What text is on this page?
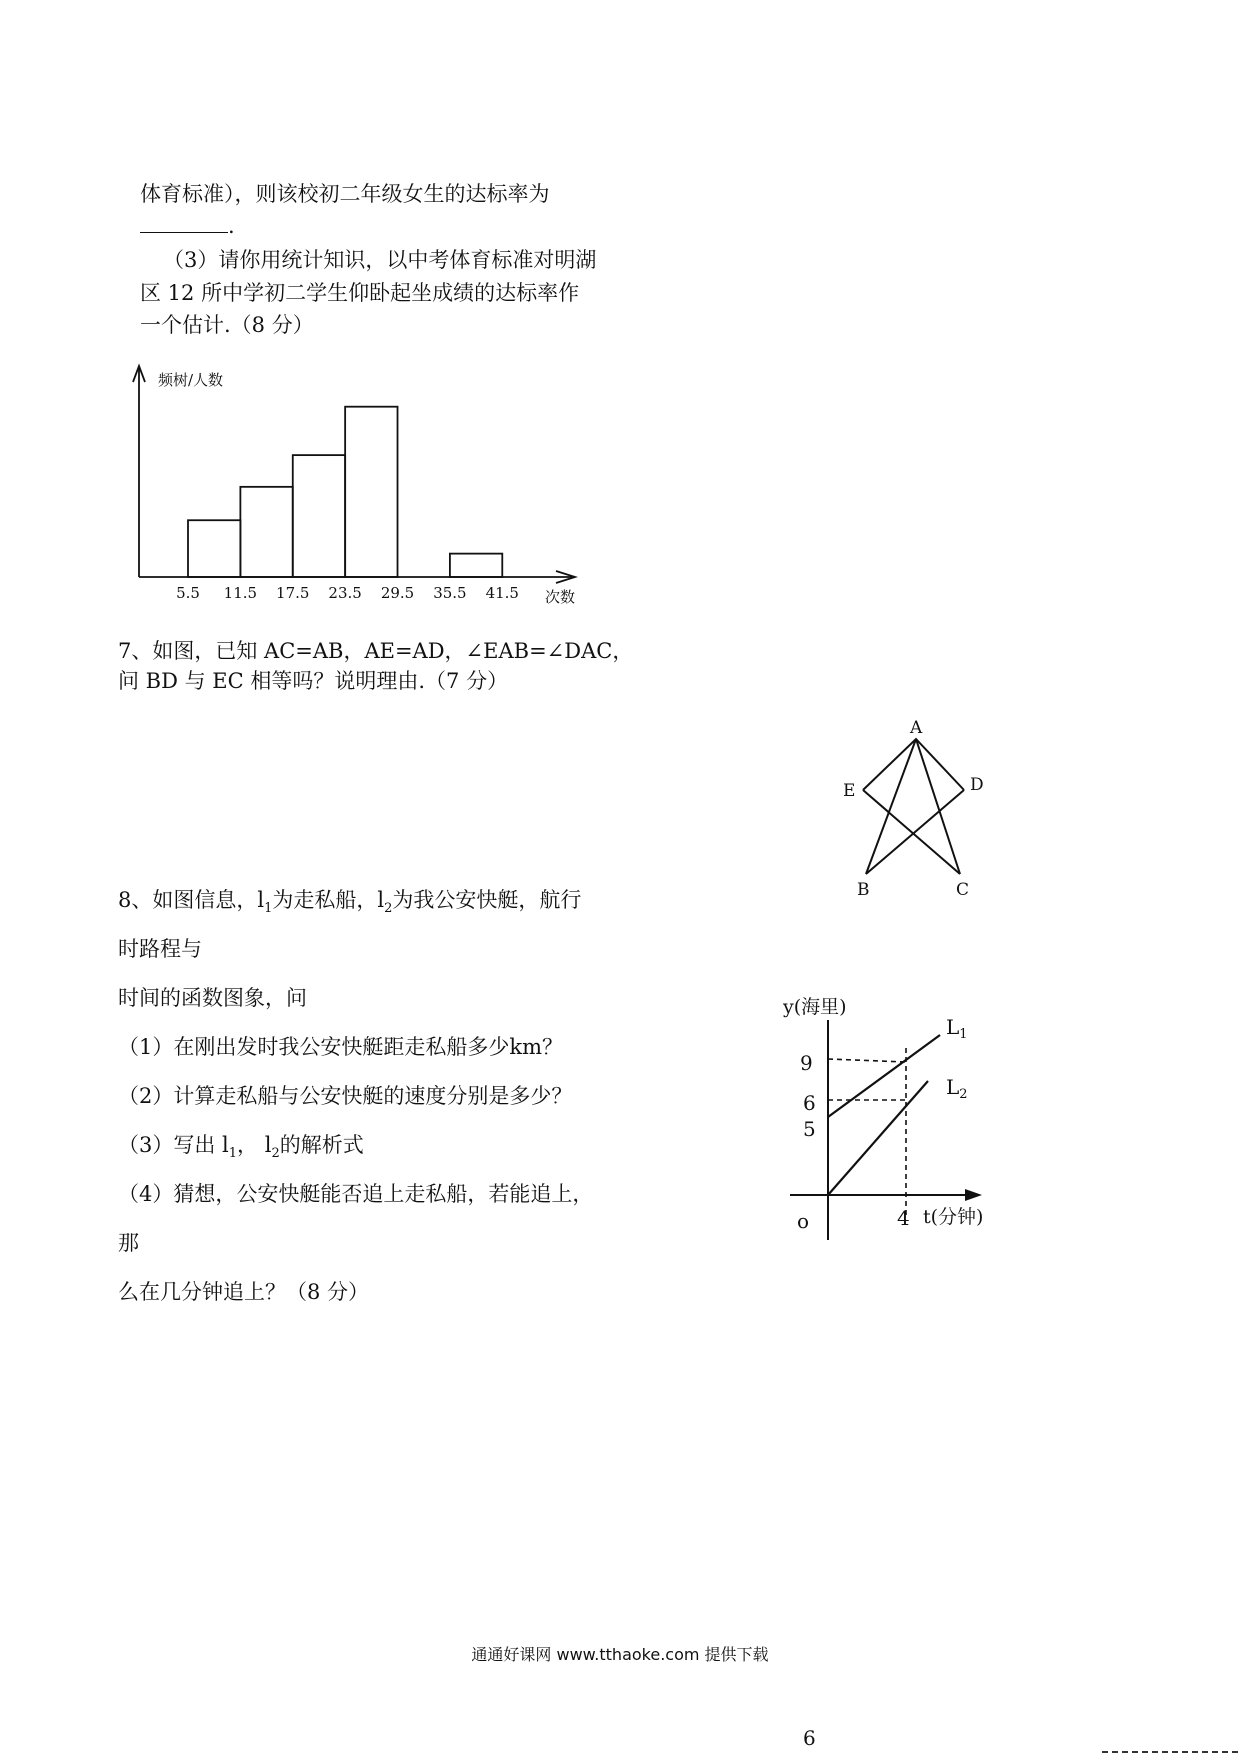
体育标准），则该校初二年级女生的达标率为
.
（3）请你用统计知识，以中考体育标准对明湖
区 12 所中学初二学生仰卧起坐成绩的达标率作
一个估计.（8 分）
频树/人数
次数
5.5 11.5 17.5 23.5 29.5 35.5 41.5
7、如图，已知 AC=AB，AE=AD，∠EAB=∠DAC，
问 BD 与 EC 相等吗？说明理由.（7 分）
A
E	D
B	C
8、如图信息，$l_1$为走私船，$l_2$为我公安快艇，航行
时路程与
时间的函数图象，问
（1）在刚出发时我公安快艇距走私船多少km？
（2）计算走私船与公安快艇的速度分别是多少？
（3）写出 $l_1$， $l_2$的解析式
（4）猜想，公安快艇能否追上走私船，若能追上，
那
么在几分钟追上？（8 分）
y(海里)
9
6
5
o	4 t(分钟)
$L_1$
$L_2$
通通好课网 www.tthaoke.com 提供下载
6
